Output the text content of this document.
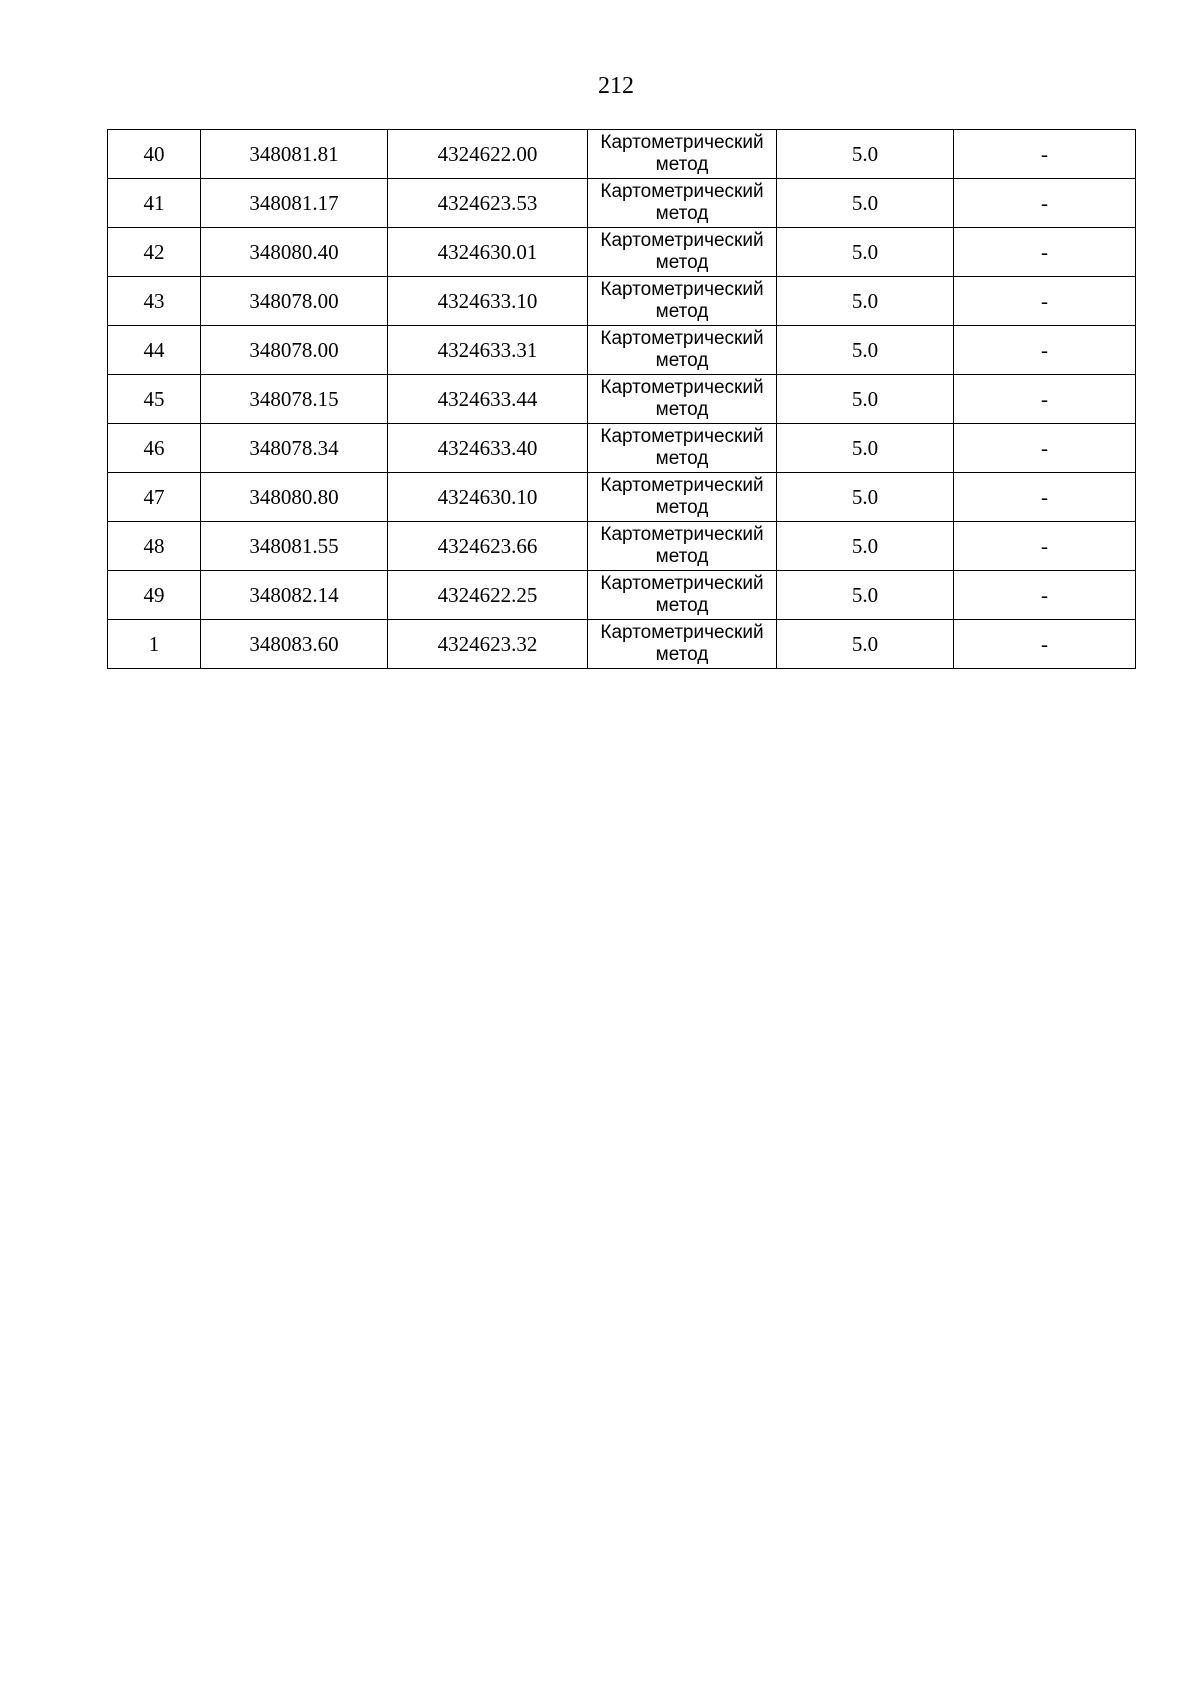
212
40	348081.81	4324622.00	Картометрический
метод	5.0	-
41	348081.17	4324623.53	Картометрический
метод	5.0	-
42	348080.40	4324630.01	Картометрический
метод	5.0	-
43	348078.00	4324633.10	Картометрический
метод	5.0	-
44	348078.00	4324633.31	Картометрический
метод	5.0	-
45	348078.15	4324633.44	Картометрический
метод	5.0	-
46	348078.34	4324633.40	Картометрический
метод	5.0	-
47	348080.80	4324630.10	Картометрический
метод	5.0	-
48	348081.55	4324623.66	Картометрический
метод	5.0	-
49	348082.14	4324622.25	Картометрический
метод	5.0	-
1	348083.60	4324623.32	Картометрический
метод	5.0	-
